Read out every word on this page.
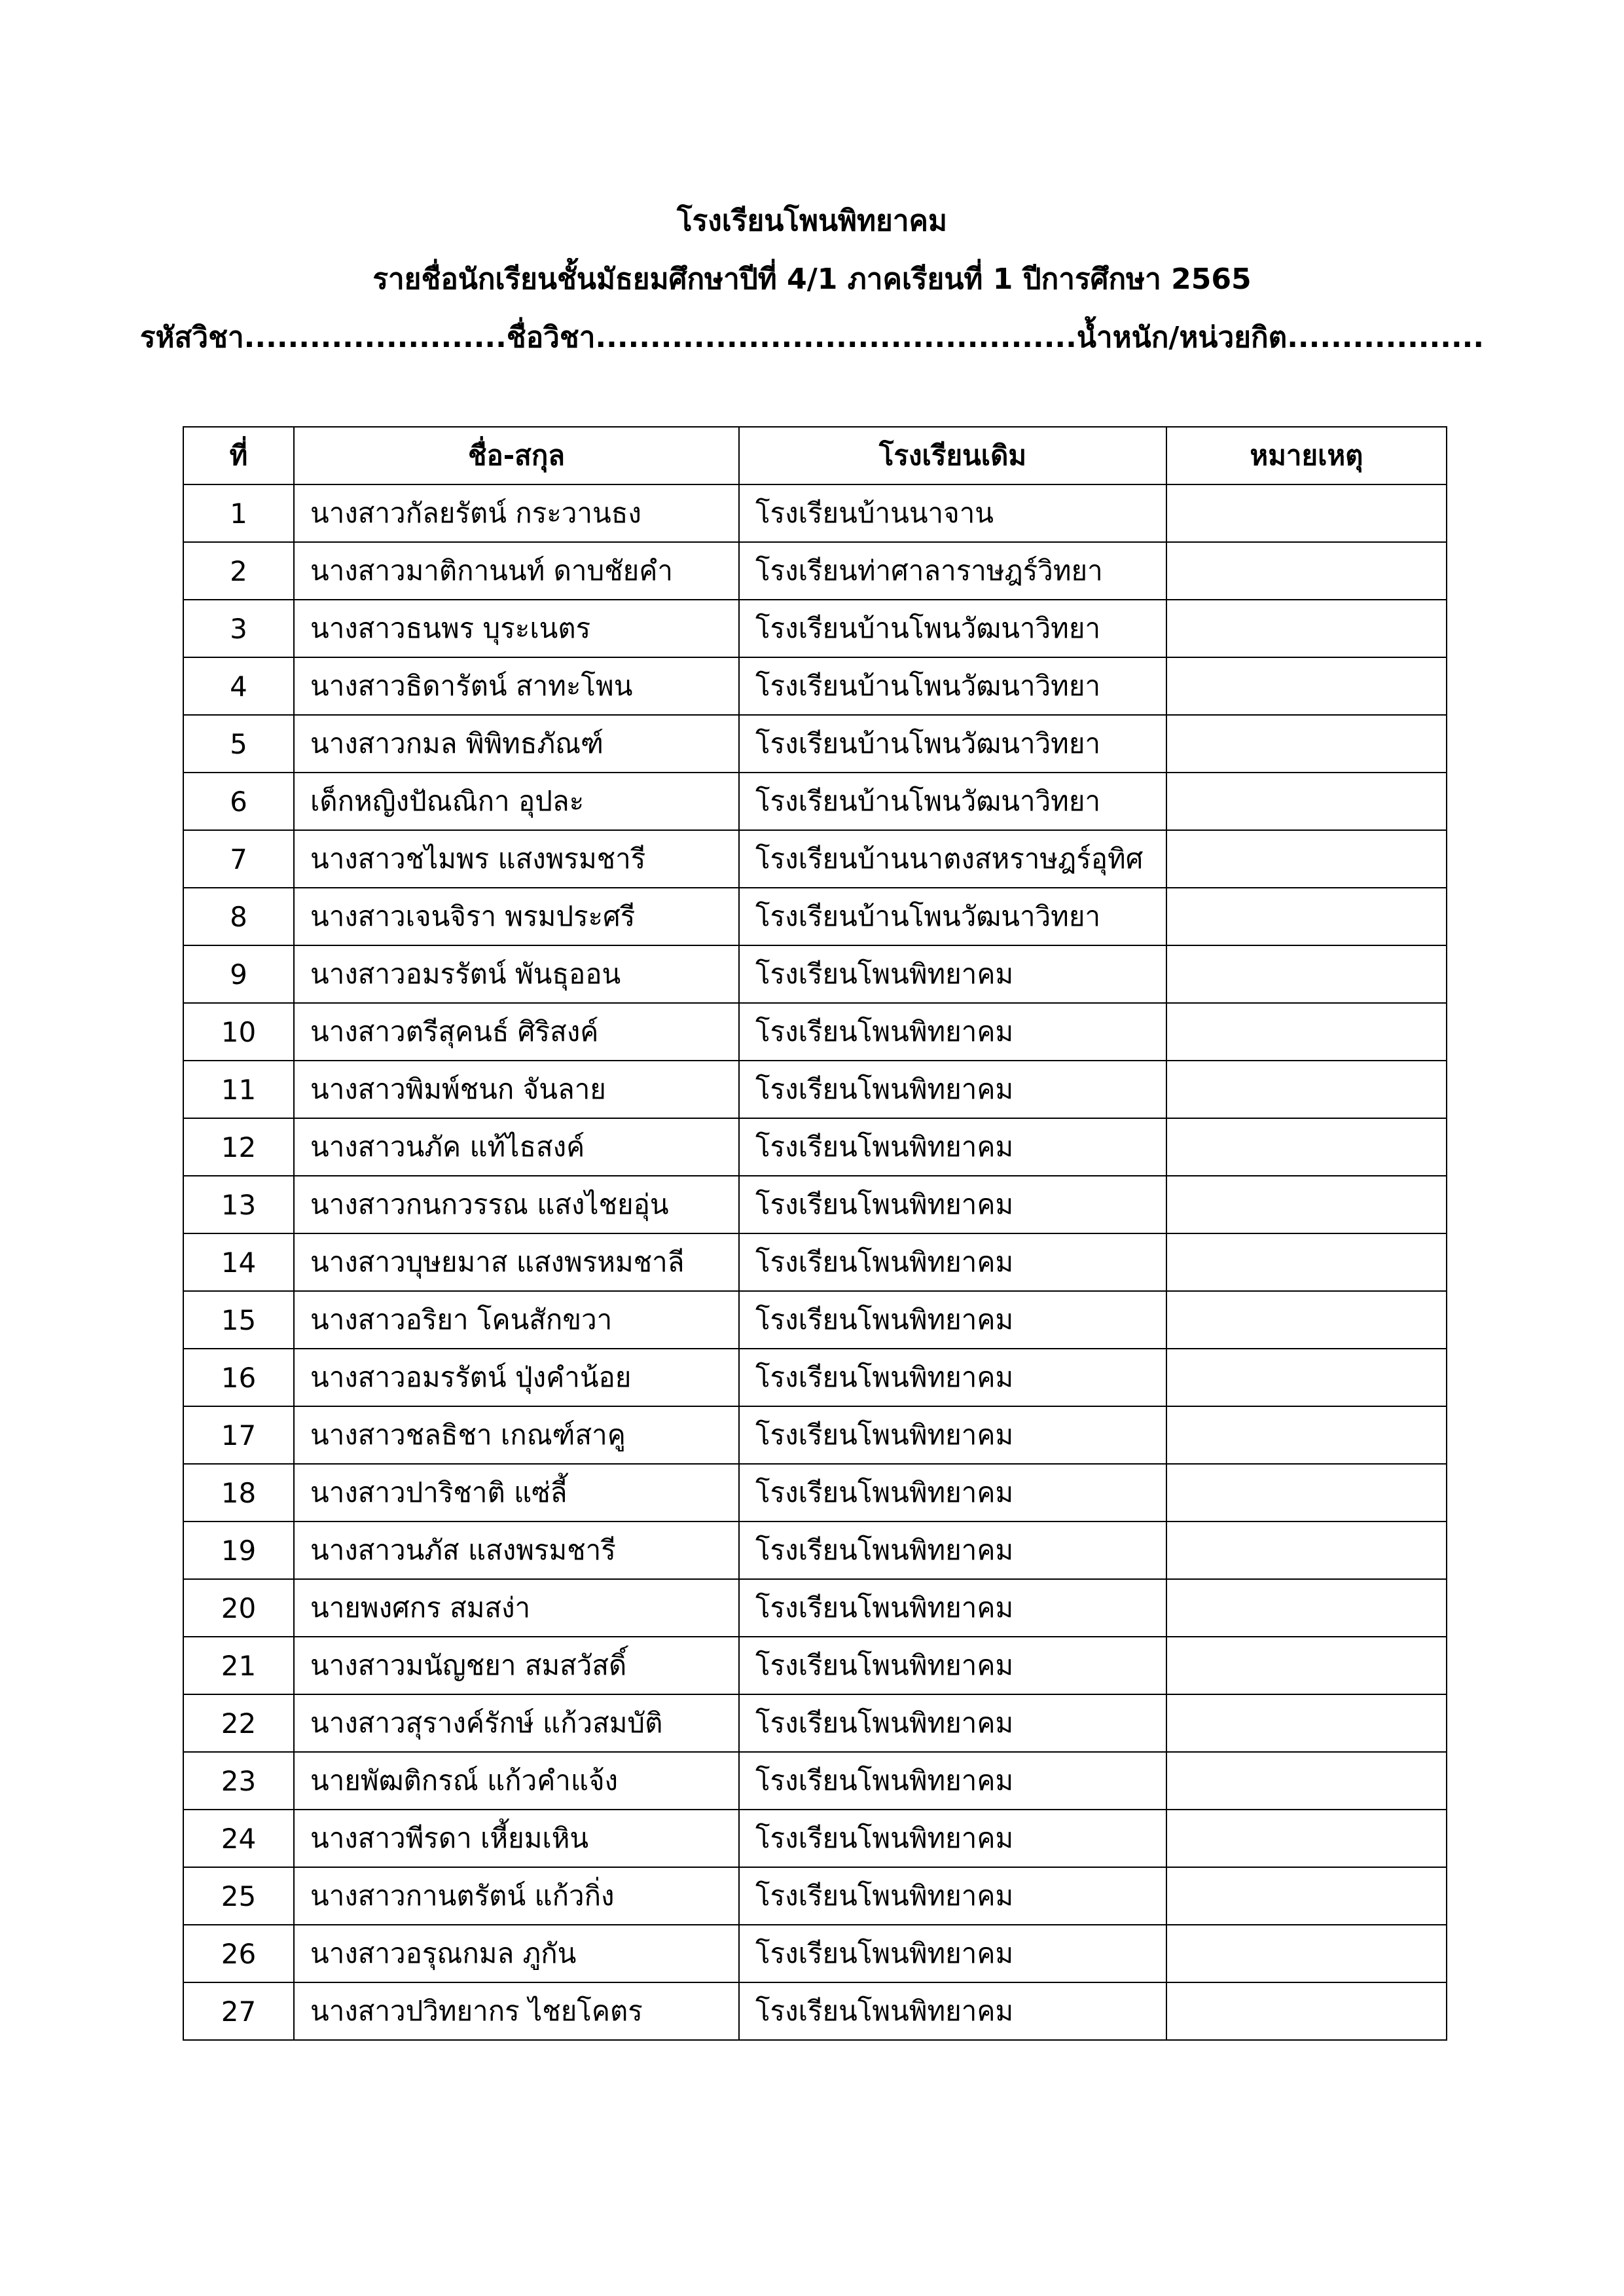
โรงเรียนโพนพิทยาคม
รายชื่อนักเรียนชั้นมัธยมศึกษาปีที่ 4/1 ภาคเรียนที่ 1 ปีการศึกษา 2565
รหัสวิชา........................ชื่อวิชา............................................น้ำหนัก/หน่วยกิต..................
ที่	ชื่อ-สกุล	โรงเรียนเดิม	หมายเหตุ
1	นางสาวกัลยรัตน์ กระวานธง	โรงเรียนบ้านนาจาน	
2	นางสาวมาติกานนท์ ดาบชัยคำ	โรงเรียนท่าศาลาราษฎร์วิทยา	
3	นางสาวธนพร บุระเนตร	โรงเรียนบ้านโพนวัฒนาวิทยา	
4	นางสาวธิดารัตน์ สาทะโพน	โรงเรียนบ้านโพนวัฒนาวิทยา	
5	นางสาวกมล พิพิทธภัณฑ์	โรงเรียนบ้านโพนวัฒนาวิทยา	
6	เด็กหญิงปัณณิกา อุปละ	โรงเรียนบ้านโพนวัฒนาวิทยา	
7	นางสาวชไมพร แสงพรมชารี	โรงเรียนบ้านนาตงสหราษฎร์อุทิศ	
8	นางสาวเจนจิรา พรมประศรี	โรงเรียนบ้านโพนวัฒนาวิทยา	
9	นางสาวอมรรัตน์ พันธุออน	โรงเรียนโพนพิทยาคม	
10	นางสาวตรีสุคนธ์ ศิริสงค์	โรงเรียนโพนพิทยาคม	
11	นางสาวพิมพ์ชนก จันลาย	โรงเรียนโพนพิทยาคม	
12	นางสาวนภัค แท้ไธสงค์	โรงเรียนโพนพิทยาคม	
13	นางสาวกนกวรรณ แสงไชยอุ่น	โรงเรียนโพนพิทยาคม	
14	นางสาวบุษยมาส แสงพรหมชาลี	โรงเรียนโพนพิทยาคม	
15	นางสาวอริยา โคนสักขวา	โรงเรียนโพนพิทยาคม	
16	นางสาวอมรรัตน์ ปุ่งคำน้อย	โรงเรียนโพนพิทยาคม	
17	นางสาวชลธิชา เกณฑ์สาคู	โรงเรียนโพนพิทยาคม	
18	นางสาวปาริชาติ แซ่ลี้	โรงเรียนโพนพิทยาคม	
19	นางสาวนภัส แสงพรมชารี	โรงเรียนโพนพิทยาคม	
20	นายพงศกร สมสง่า	โรงเรียนโพนพิทยาคม	
21	นางสาวมนัญชยา สมสวัสดิ์	โรงเรียนโพนพิทยาคม	
22	นางสาวสุรางค์รักษ์ แก้วสมบัติ	โรงเรียนโพนพิทยาคม	
23	นายพัฒติกรณ์ แก้วคำแจ้ง	โรงเรียนโพนพิทยาคม	
24	นางสาวพีรดา เหี้ยมเหิน	โรงเรียนโพนพิทยาคม	
25	นางสาวกานตรัตน์ แก้วกิ่ง	โรงเรียนโพนพิทยาคม	
26	นางสาวอรุณกมล ภูกัน	โรงเรียนโพนพิทยาคม	
27	นางสาวปวิทยากร ไชยโคตร	โรงเรียนโพนพิทยาคม	
